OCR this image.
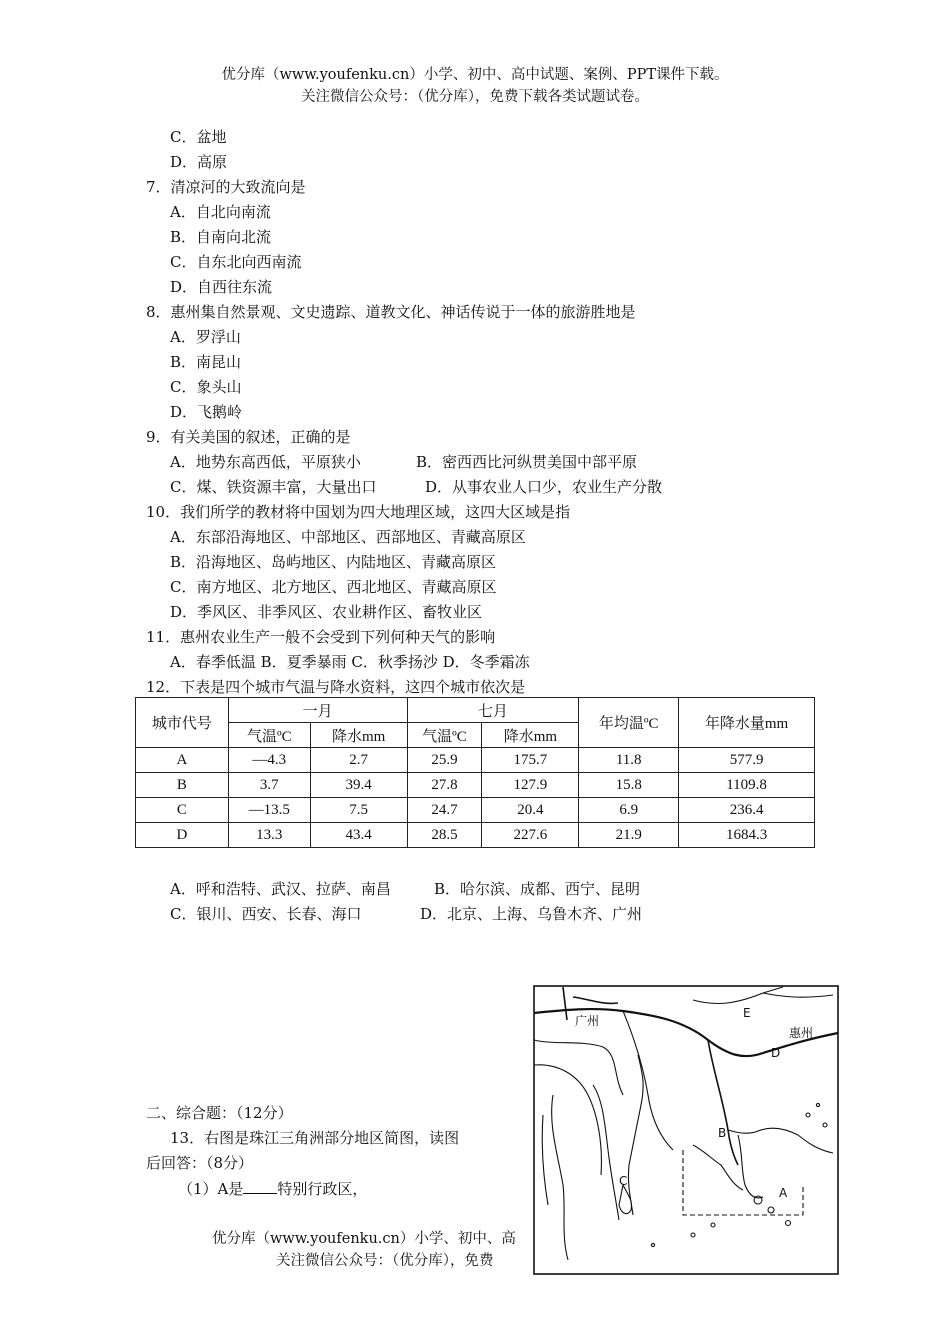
优分库（www.youfenku.cn）小学、初中、高中试题、案例、PPT课件下载。
关注微信公众号：（优分库），免费下载各类试题试卷。
C．盆地
D．高原
7．清凉河的大致流向是
A．自北向南流
B．自南向北流
C．自东北向西南流
D．自西往东流
8．惠州集自然景观、文史遗踪、道教文化、神话传说于一体的旅游胜地是
A．罗浮山
B．南昆山
C．象头山
D．飞鹅岭
9．有关美国的叙述，正确的是
A．地势东高西低，平原狭小	B．密西西比河纵贯美国中部平原
C．煤、铁资源丰富，大量出口	D．从事农业人口少，农业生产分散
10．我们所学的教材将中国划为四大地理区域，这四大区域是指
A．东部沿海地区、中部地区、西部地区、青藏高原区
B．沿海地区、岛屿地区、内陆地区、青藏高原区
C．南方地区、北方地区、西北地区、青藏高原区
D．季风区、非季风区、农业耕作区、畜牧业区
11．惠州农业生产一般不会受到下列何种天气的影响
A．春季低温 B．夏季暴雨 C．秋季扬沙 D．冬季霜冻
12．下表是四个城市气温与降水资料，这四个城市依次是
城市代号	一月		七月		年均温ºC	年降水量mm
	气温ºC	降水mm	气温ºC	降水mm		
A	—4.3	2.7	25.9	175.7	11.8	577.9
B	3.7	39.4	27.8	127.9	15.8	1109.8
C	—13.5	7.5	24.7	20.4	6.9	236.4
D	13.3	43.4	28.5	227.6	21.9	1684.3
A．呼和浩特、武汉、拉萨、南昌	B．哈尔滨、成都、西宁、昆明
C．银川、西安、长春、海口	D．北京、上海、乌鲁木齐、广州
二、综合题：（12分）
13．右图是珠江三角洲部分地区简图，读图
后回答：（8分）
（1）A是 特别行政区，
广州
惠州
E
D
B
C
A
优分库（www.youfenku.cn）小学、初中、高
关注微信公众号：（优分库），免费
